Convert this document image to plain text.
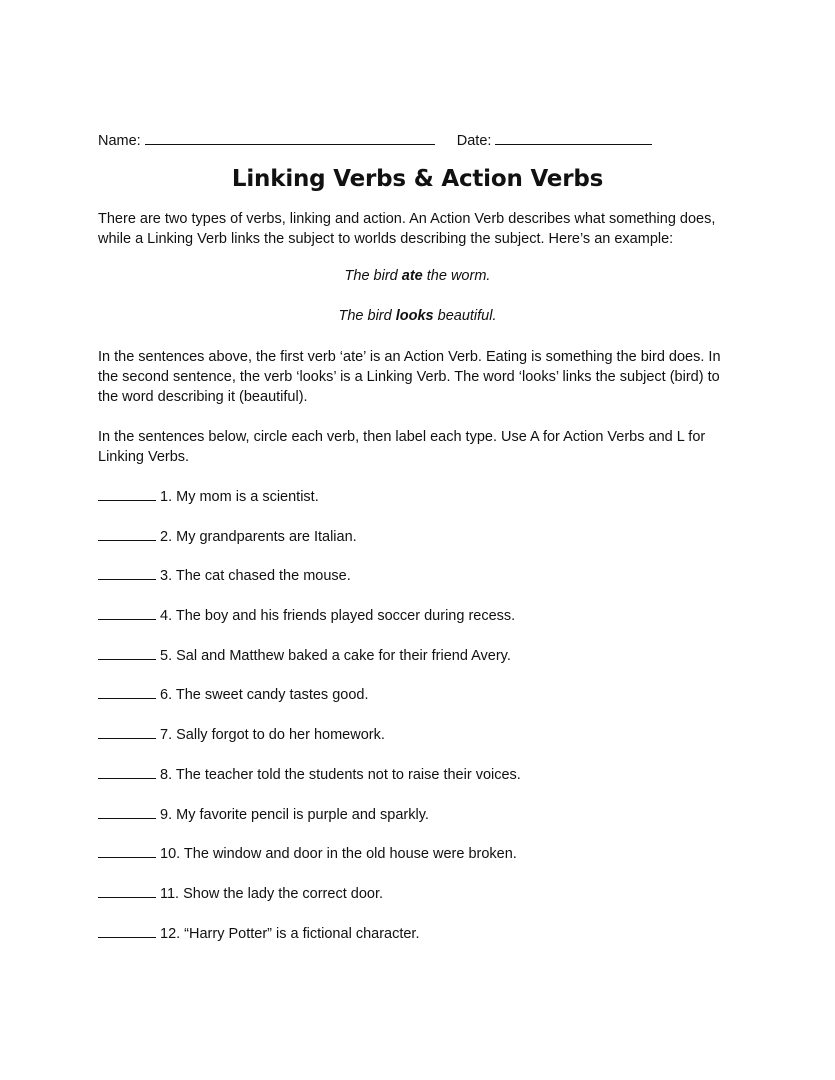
Name:	Date:
Linking Verbs & Action Verbs

There are two types of verbs, linking and action. An Action Verb describes what something does, while a Linking Verb links the subject to worlds describing the subject. Here’s an example:

The bird ate the worm.

The bird looks beautiful.

In the sentences above, the first verb ‘ate’ is an Action Verb. Eating is something the bird does. In the second sentence, the verb ‘looks’ is a Linking Verb. The word ‘looks’ links the subject (bird) to the word describing it (beautiful).

In the sentences below, circle each verb, then label each type. Use A for Action Verbs and L for Linking Verbs.

1. My mom is a scientist.
2. My grandparents are Italian.
3. The cat chased the mouse.
4. The boy and his friends played soccer during recess.
5. Sal and Matthew baked a cake for their friend Avery.
6. The sweet candy tastes good.
7. Sally forgot to do her homework.
8. The teacher told the students not to raise their voices.
9. My favorite pencil is purple and sparkly.
10. The window and door in the old house were broken.
11. Show the lady the correct door.
12. “Harry Potter” is a fictional character.
